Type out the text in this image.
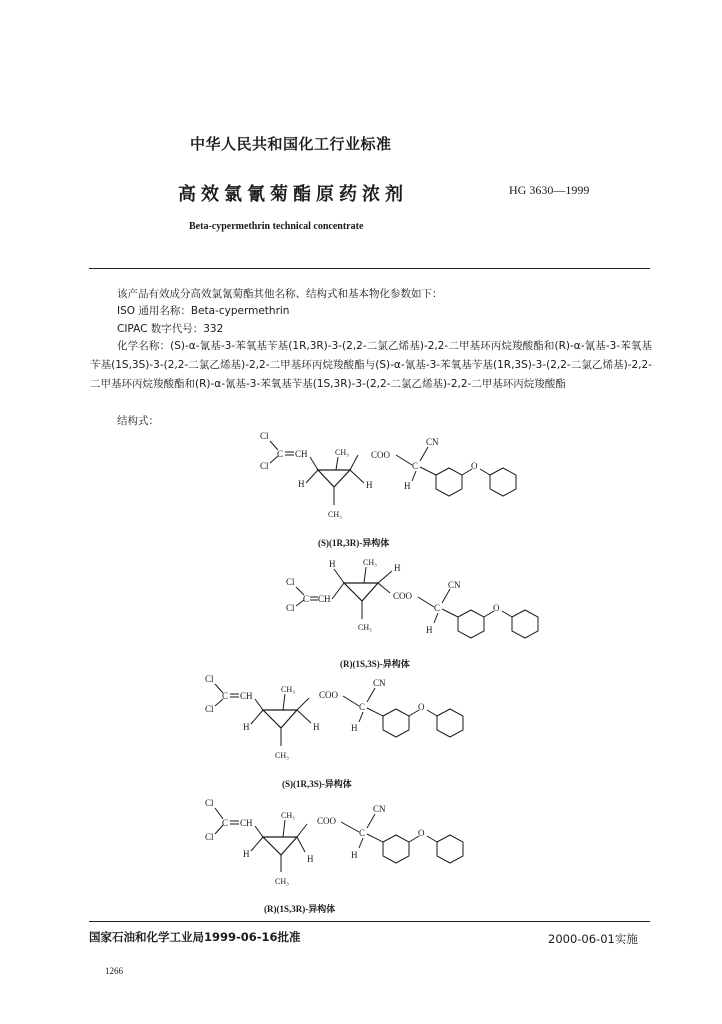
中华人民共和国化工行业标准
高效氯氰菊酯原药浓剂	HG 3630—1999
Beta-cypermethrin technical concentrate
该产品有效成分高效氯氰菊酯其他名称、结构式和基本物化参数如下：
ISO 通用名称：Beta-cypermethrin
CIPAC 数字代号：332
化学名称：(S)-α-氰基-3-苯氧基苄基(1R,3R)-3-(2,2-二氯乙烯基)-2,2-二甲基环丙烷羧酸酯和(R)-α-氰基-3-苯氧基苄基(1S,3S)-3-(2,2-二氯乙烯基)-2,2-二甲基环丙烷羧酸酯与(S)-α-氰基-3-苯氧基苄基(1R,3S)-3-(2,2-二氯乙烯基)-2,2-二甲基环丙烷羧酸酯和(R)-α-氰基-3-苯氧基苄基(1S,3R)-3-(2,2-二氯乙烯基)-2,2-二甲基环丙烷羧酸酯
结构式：
Cl
Cl
C CH	CH₃
H	H
CH₃
COO
C
CN
H
O
(S)(1R,3R)-异构体
H	CH₃
H
Cl
Cl
C CH
CH₃
COO
C
CN
H
O
(R)(1S,3S)-异构体
Cl
Cl
C CH
CH₃
H	H
CH₃
COO
C
CN
H
O
(S)(1R,3S)-异构体
Cl
Cl
C CH
CH₃
H	H
CH₃
COO
C
CN
H
O
(R)(1S,3R)-异构体
国家石油和化学工业局1999-06-16批准	2000-06-01实施
1266
